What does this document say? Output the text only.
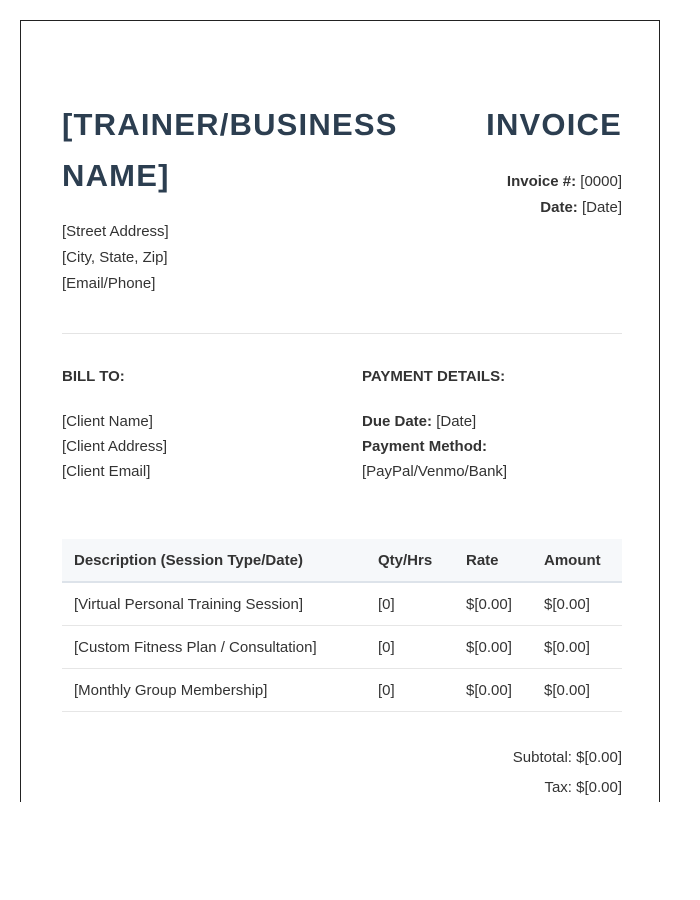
[TRAINER/BUSINESS NAME]
INVOICE
Invoice #: [0000]
Date: [Date]
[Street Address]
[City, State, Zip]
[Email/Phone]

BILL TO:

[Client Name]
[Client Address]
[Client Email]

PAYMENT DETAILS:

Due Date: [Date]
Payment Method:
[PayPal/Venmo/Bank]
Description (Session Type/Date)	Qty/Hrs	Rate	Amount
[Virtual Personal Training Session]	[0]	$[0.00]	$[0.00]
[Custom Fitness Plan / Consultation]	[0]	$[0.00]	$[0.00]
[Monthly Group Membership]	[0]	$[0.00]	$[0.00]
Subtotal: $[0.00]
Tax: $[0.00]
